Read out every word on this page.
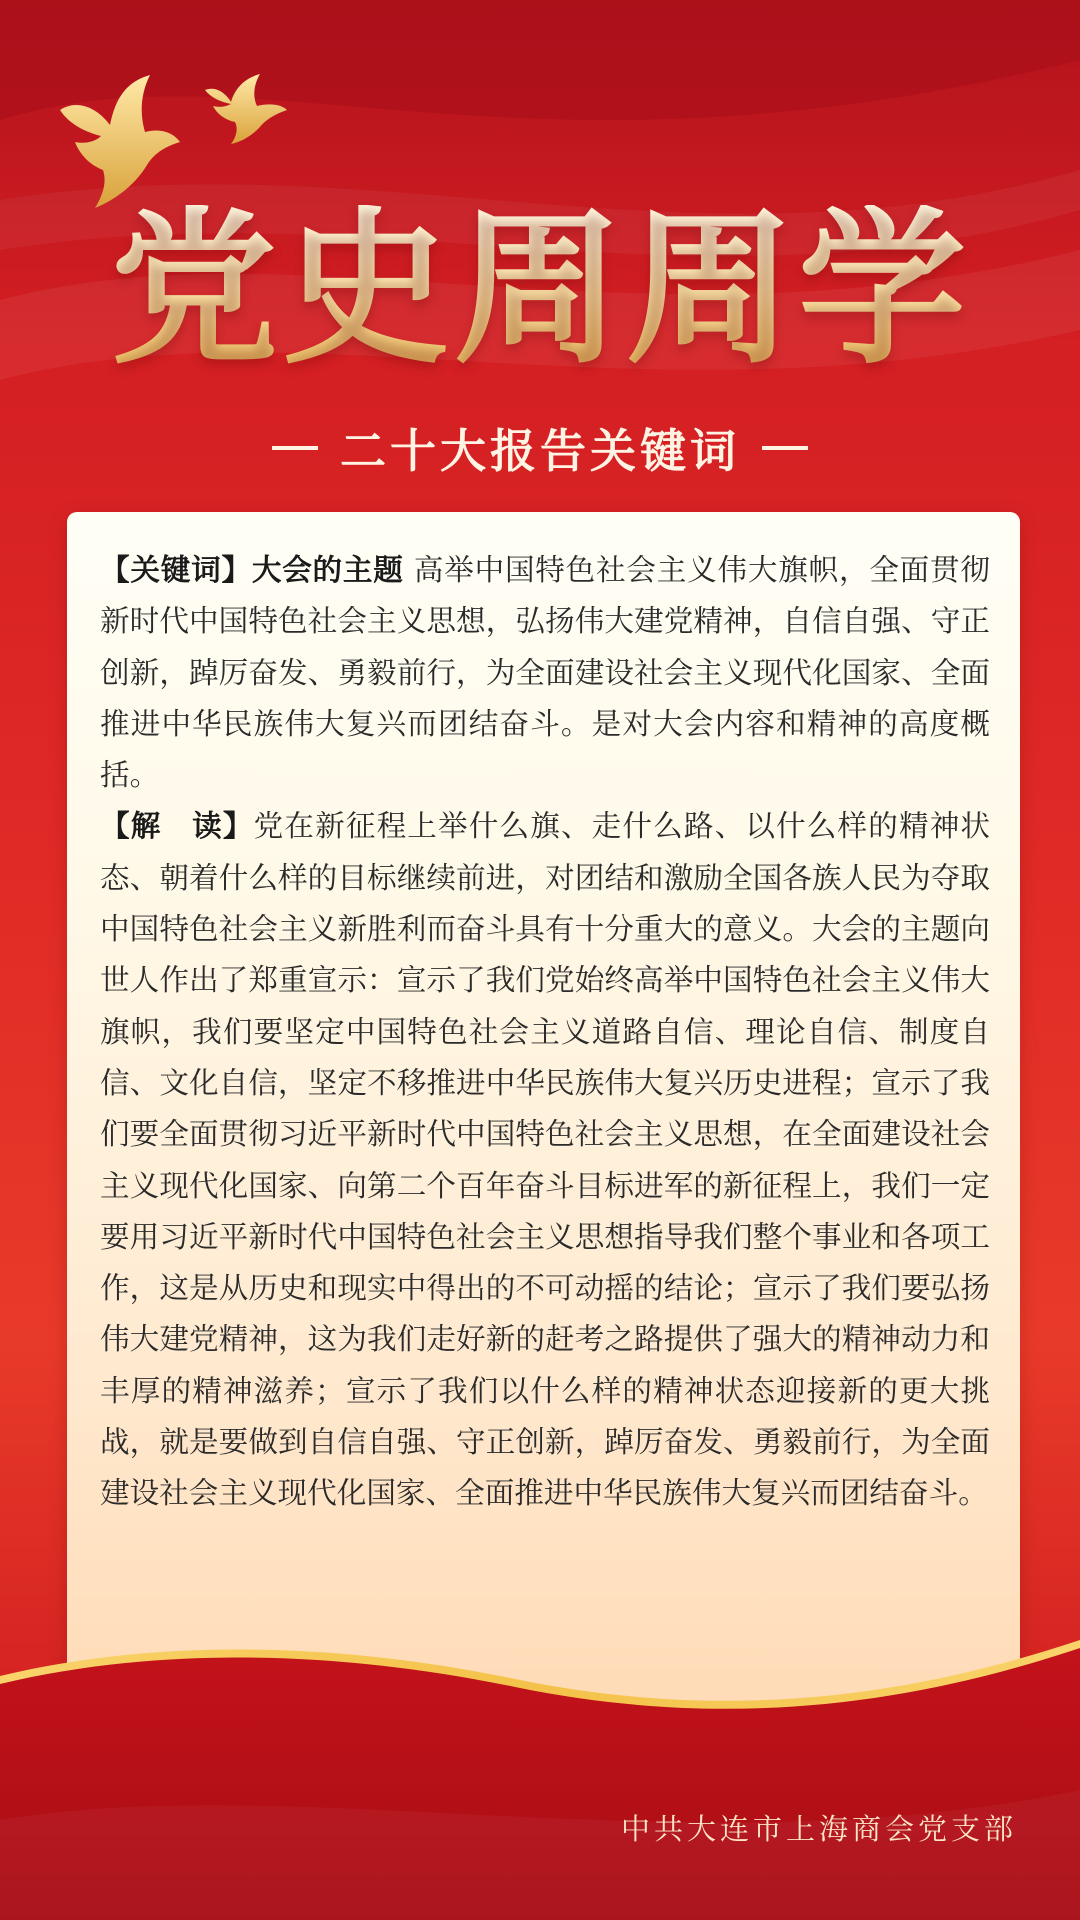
党史周周学
二十大报告关键词

【关键词】大会的主题 高举中国特色社会主义伟大旗帜，全面贯彻新时代中国特色社会主义思想，弘扬伟大建党精神，自信自强、守正创新，踔厉奋发、勇毅前行，为全面建设社会主义现代化国家、全面推进中华民族伟大复兴而团结奋斗。是对大会内容和精神的高度概括。

【解　读】党在新征程上举什么旗、走什么路、以什么样的精神状态、朝着什么样的目标继续前进，对团结和激励全国各族人民为夺取中国特色社会主义新胜利而奋斗具有十分重大的意义。大会的主题向世人作出了郑重宣示：宣示了我们党始终高举中国特色社会主义伟大旗帜，我们要坚定中国特色社会主义道路自信、理论自信、制度自信、文化自信，坚定不移推进中华民族伟大复兴历史进程；宣示了我们要全面贯彻习近平新时代中国特色社会主义思想，在全面建设社会主义现代化国家、向第二个百年奋斗目标进军的新征程上，我们一定要用习近平新时代中国特色社会主义思想指导我们整个事业和各项工作，这是从历史和现实中得出的不可动摇的结论；宣示了我们要弘扬伟大建党精神，这为我们走好新的赶考之路提供了强大的精神动力和丰厚的精神滋养；宣示了我们以什么样的精神状态迎接新的更大挑战，就是要做到自信自强、守正创新，踔厉奋发、勇毅前行，为全面建设社会主义现代化国家、全面推进中华民族伟大复兴而团结奋斗。

中共大连市上海商会党支部
